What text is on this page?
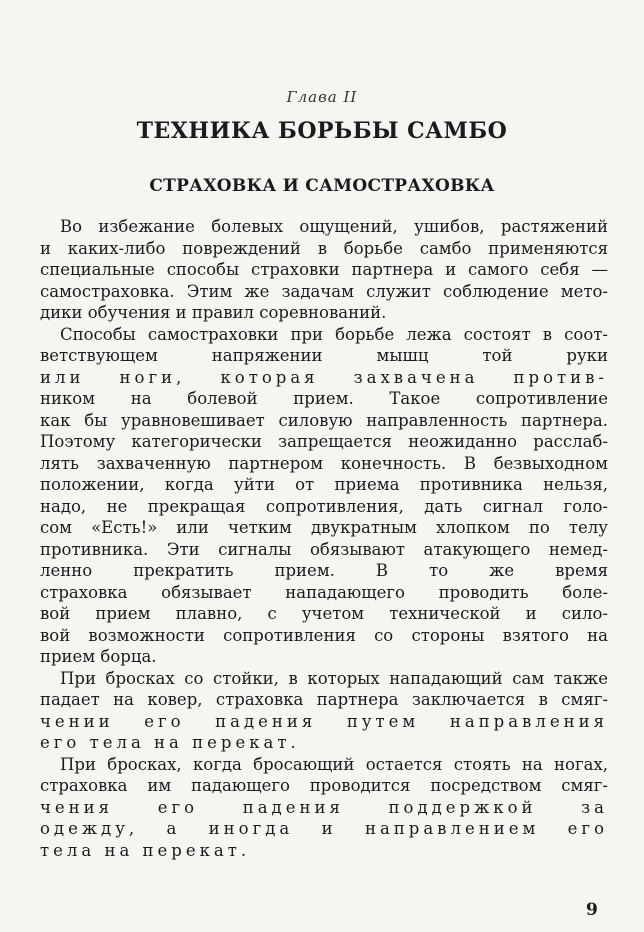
Глава II
ТЕХНИКА БОРЬБЫ САМБО
СТРАХОВКА И САМОСТРАХОВКА
Во избежание болевых ощущений, ушибов, растяжений
и каких-либо повреждений в борьбе самбо применяются
специальные способы страховки партнера и самого себя —
самостраховка. Этим же задачам служит соблюдение мето-
дики обучения и правил соревнований.
Способы самостраховки при борьбе лежа состоят в соот-
ветствующем напряжении мышц той руки
или ноги, которая захвачена против-
ником на болевой прием. Такое сопротивление
как бы уравновешивает силовую направленность партнера.
Поэтому категорически запрещается неожиданно расслаб-
лять захваченную партнером конечность. В безвыходном
положении, когда уйти от приема противника нельзя,
надо, не прекращая сопротивления, дать сигнал голо-
сом «Есть!» или четким двукратным хлопком по телу
противника. Эти сигналы обязывают атакующего немед-
ленно прекратить прием. В то же время
страховка обязывает нападающего проводить боле-
вой прием плавно, с учетом технической и сило-
вой возможности сопротивления со стороны взятого на
прием борца.
При бросках со стойки, в которых нападающий сам также
падает на ковер, страховка партнера заключается в смяг-
чении его падения путем направления
его тела на перекат.
При бросках, когда бросающий остается стоять на ногах,
страховка им падающего проводится посредством смяг-
чения его падения поддержкой за
одежду, а иногда и направлением его
тела на перекат.
9
